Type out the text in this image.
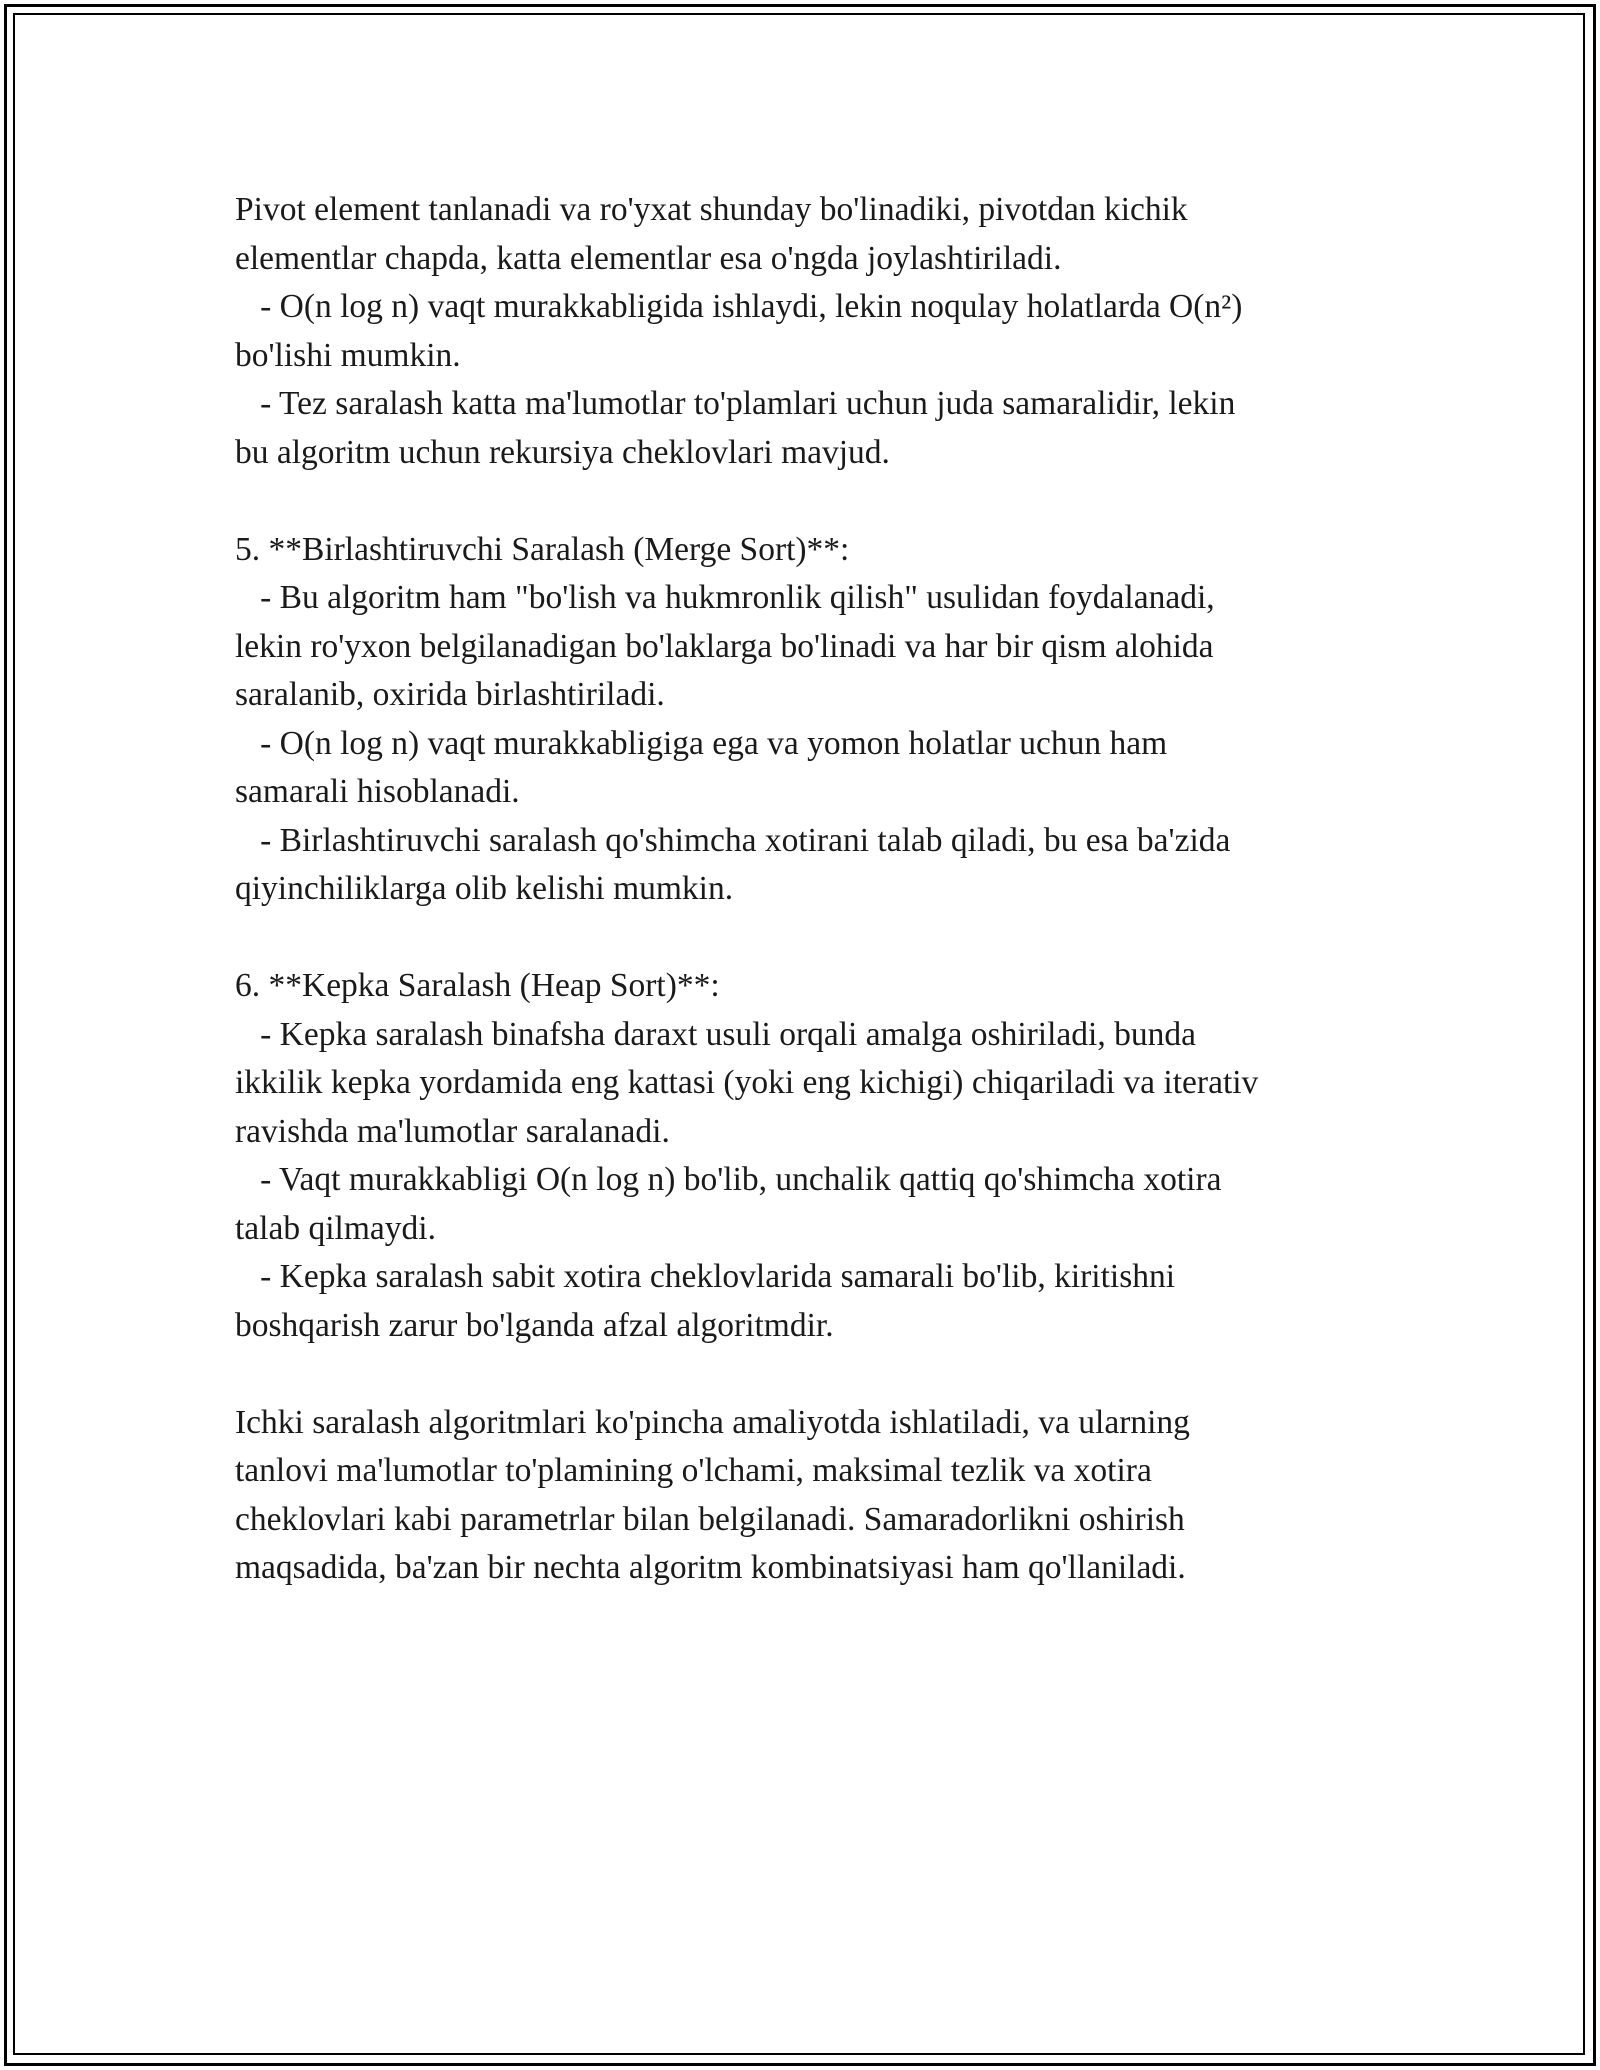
Pivot element tanlanadi va ro'yxat shunday bo'linadiki, pivotdan kichik

elementlar chapda, katta elementlar esa o'ngda joylashtiriladi.

- O(n log n) vaqt murakkabligida ishlaydi, lekin noqulay holatlarda O(n²)

bo'lishi mumkin.

- Tez saralash katta ma'lumotlar to'plamlari uchun juda samaralidir, lekin

bu algoritm uchun rekursiya cheklovlari mavjud.

5. **Birlashtiruvchi Saralash (Merge Sort)**:

- Bu algoritm ham "bo'lish va hukmronlik qilish" usulidan foydalanadi,

lekin ro'yxon belgilanadigan bo'laklarga bo'linadi va har bir qism alohida

saralanib, oxirida birlashtiriladi.

- O(n log n) vaqt murakkabligiga ega va yomon holatlar uchun ham

samarali hisoblanadi.

- Birlashtiruvchi saralash qo'shimcha xotirani talab qiladi, bu esa ba'zida

qiyinchiliklarga olib kelishi mumkin.

6. **Kepka Saralash (Heap Sort)**:

- Kepka saralash binafsha daraxt usuli orqali amalga oshiriladi, bunda

ikkilik kepka yordamida eng kattasi (yoki eng kichigi) chiqariladi va iterativ

ravishda ma'lumotlar saralanadi.

- Vaqt murakkabligi O(n log n) bo'lib, unchalik qattiq qo'shimcha xotira

talab qilmaydi.

- Kepka saralash sabit xotira cheklovlarida samarali bo'lib, kiritishni

boshqarish zarur bo'lganda afzal algoritmdir.

Ichki saralash algoritmlari ko'pincha amaliyotda ishlatiladi, va ularning

tanlovi ma'lumotlar to'plamining o'lchami, maksimal tezlik va xotira

cheklovlari kabi parametrlar bilan belgilanadi. Samaradorlikni oshirish

maqsadida, ba'zan bir nechta algoritm kombinatsiyasi ham qo'llaniladi.
